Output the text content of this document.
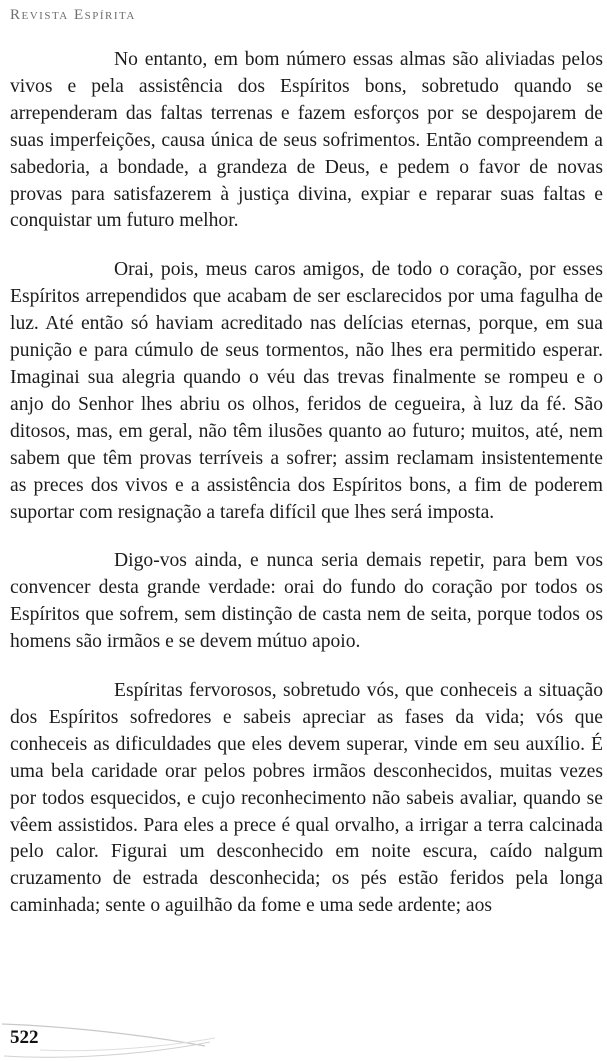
Revista Espírita

No entanto, em bom número essas almas são aliviadas pelos vivos e pela assistência dos Espíritos bons, sobretudo quando se arrependeram das faltas terrenas e fazem esforços por se despojarem de suas imperfeições, causa única de seus sofrimentos. Então compreendem a sabedoria, a bondade, a grandeza de Deus, e pedem o favor de novas provas para satisfazerem à justiça divina, expiar e reparar suas faltas e conquistar um futuro melhor.

Orai, pois, meus caros amigos, de todo o coração, por esses Espíritos arrependidos que acabam de ser esclarecidos por uma fagulha de luz. Até então só haviam acreditado nas delícias eternas, porque, em sua punição e para cúmulo de seus tormentos, não lhes era permitido esperar. Imaginai sua alegria quando o véu das trevas finalmente se rompeu e o anjo do Senhor lhes abriu os olhos, feridos de cegueira, à luz da fé. São ditosos, mas, em geral, não têm ilusões quanto ao futuro; muitos, até, nem sabem que têm provas terríveis a sofrer; assim reclamam insistentemente as preces dos vivos e a assistência dos Espíritos bons, a fim de poderem suportar com resignação a tarefa difícil que lhes será imposta.

Digo-vos ainda, e nunca seria demais repetir, para bem vos convencer desta grande verdade: orai do fundo do coração por todos os Espíritos que sofrem, sem distinção de casta nem de seita, porque todos os homens são irmãos e se devem mútuo apoio.

Espíritas fervorosos, sobretudo vós, que conheceis a situação dos Espíritos sofredores e sabeis apreciar as fases da vida; vós que conheceis as dificuldades que eles devem superar, vinde em seu auxílio. É uma bela caridade orar pelos pobres irmãos desconhecidos, muitas vezes por todos esquecidos, e cujo reconhecimento não sabeis avaliar, quando se vêem assistidos. Para eles a prece é qual orvalho, a irrigar a terra calcinada pelo calor. Figurai um desconhecido em noite escura, caído nalgum cruzamento de estrada desconhecida; os pés estão feridos pela longa caminhada; sente o aguilhão da fome e uma sede ardente; aos

522
